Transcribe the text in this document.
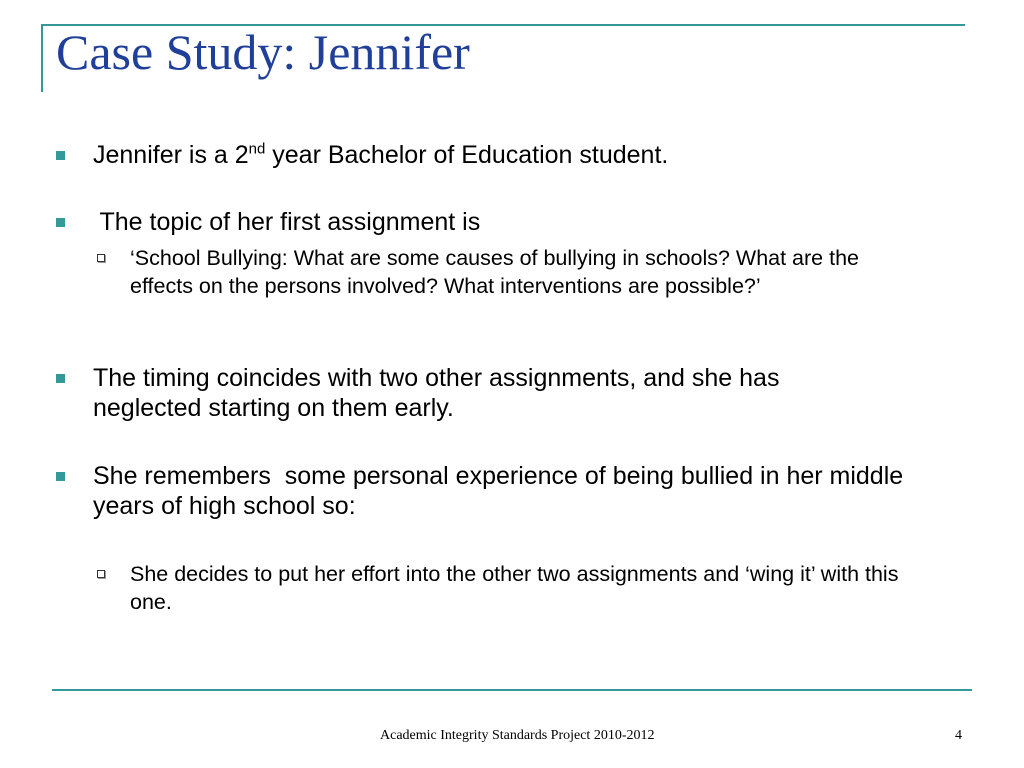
Case Study: Jennifer
Jennifer is a 2nd year Bachelor of Education student.
The topic of her first assignment is
‘School Bullying: What are some causes of bullying in schools? What are the effects on the persons involved? What interventions are possible?’
The timing coincides with two other assignments, and she has neglected starting on them early.
She remembers  some personal experience of being bullied in her middle years of high school so:
She decides to put her effort into the other two assignments and ‘wing it’ with this one.
Academic Integrity Standards Project 2010-2012	4
